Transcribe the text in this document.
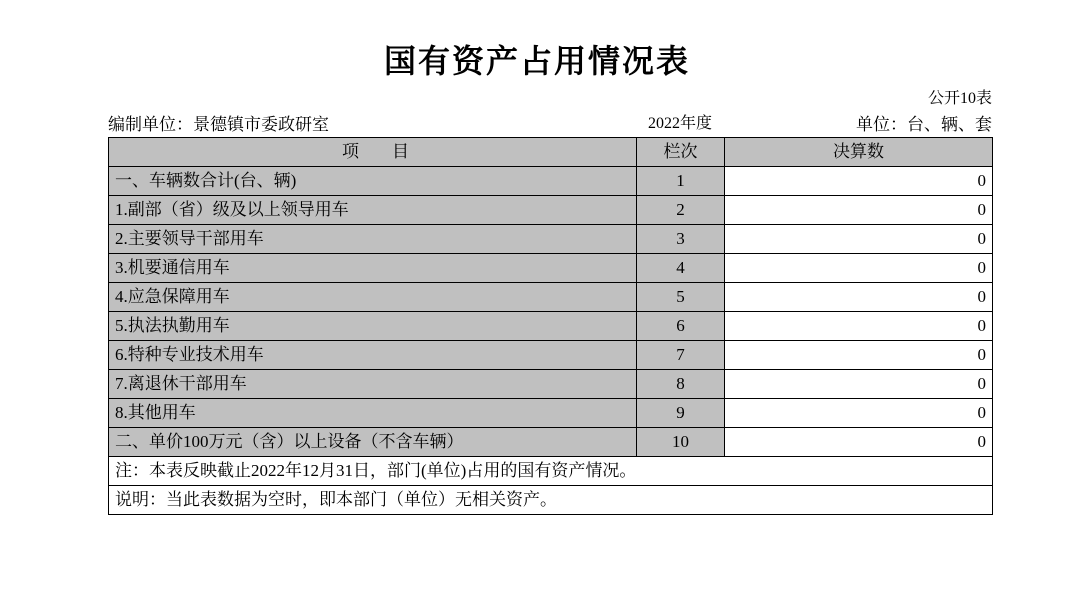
国有资产占用情况表
公开10表
编制单位：景德镇市委政研室	2022年度	单位：台、辆、套
项　目	栏次	决算数
一、车辆数合计(台、辆)	1	0
1.副部（省）级及以上领导用车	2	0
2.主要领导干部用车	3	0
3.机要通信用车	4	0
4.应急保障用车	5	0
5.执法执勤用车	6	0
6.特种专业技术用车	7	0
7.离退休干部用车	8	0
8.其他用车	9	0
二、单价100万元（含）以上设备（不含车辆）	10	0
注：本表反映截止2022年12月31日，部门(单位)占用的国有资产情况。		
说明：当此表数据为空时，即本部门（单位）无相关资产。		
